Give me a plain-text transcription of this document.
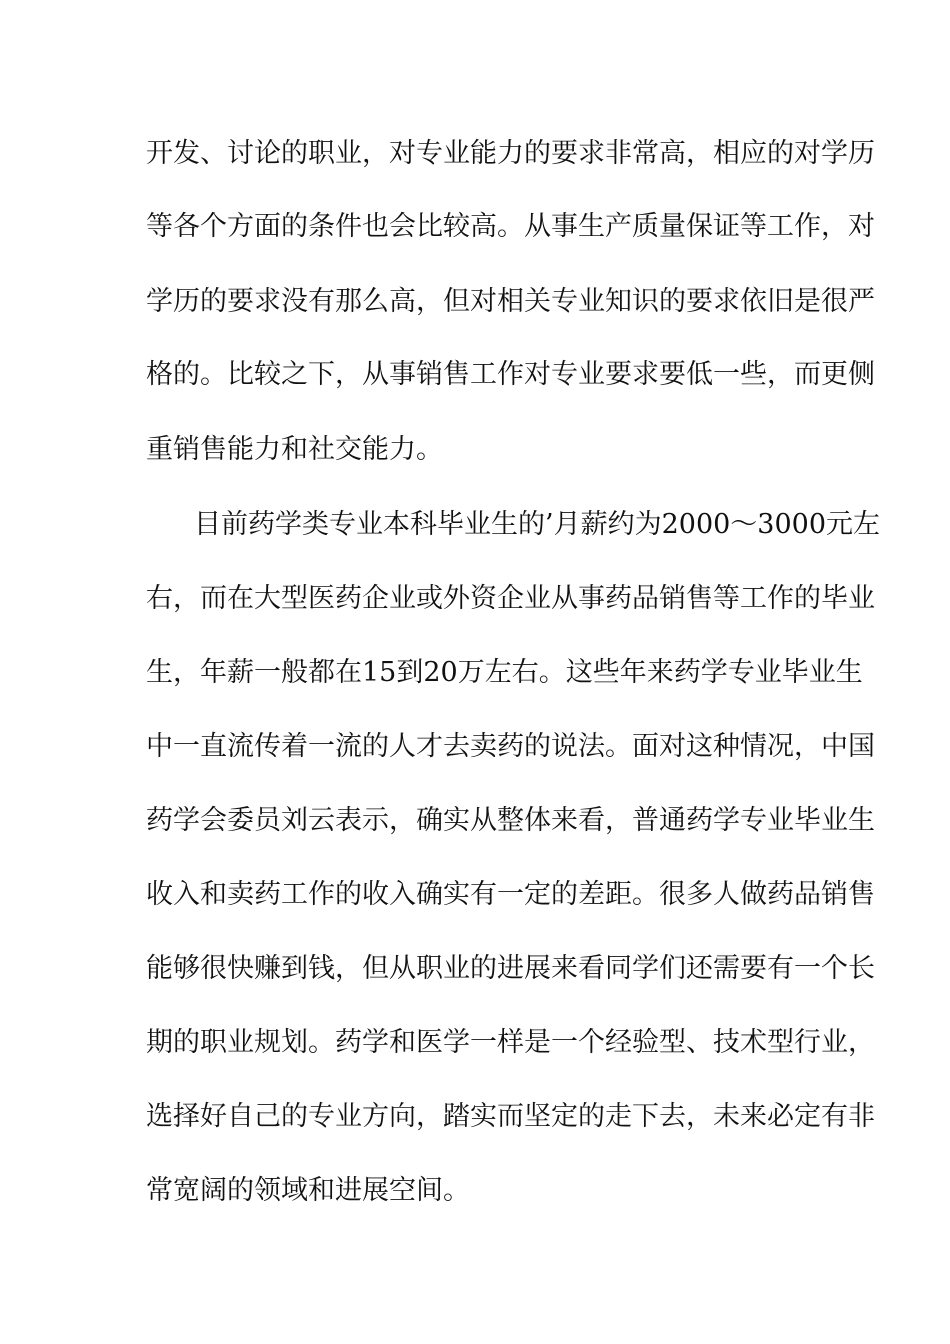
开发、讨论的职业，对专业能力的要求非常高，相应的对学历
等各个方面的条件也会比较高。从事生产质量保证等工作，对
学历的要求没有那么高，但对相关专业知识的要求依旧是很严
格的。比较之下，从事销售工作对专业要求要低一些，而更侧
重销售能力和社交能力。
目前药学类专业本科毕业生的’月薪约为2000～3000元左
右，而在大型医药企业或外资企业从事药品销售等工作的毕业
生，年薪一般都在15到20万左右。这些年来药学专业毕业生
中一直流传着一流的人才去卖药的说法。面对这种情况，中国
药学会委员刘云表示，确实从整体来看，普通药学专业毕业生
收入和卖药工作的收入确实有一定的差距。很多人做药品销售
能够很快赚到钱，但从职业的进展来看同学们还需要有一个长
期的职业规划。药学和医学一样是一个经验型、技术型行业，
选择好自己的专业方向，踏实而坚定的走下去，未来必定有非
常宽阔的领域和进展空间。
